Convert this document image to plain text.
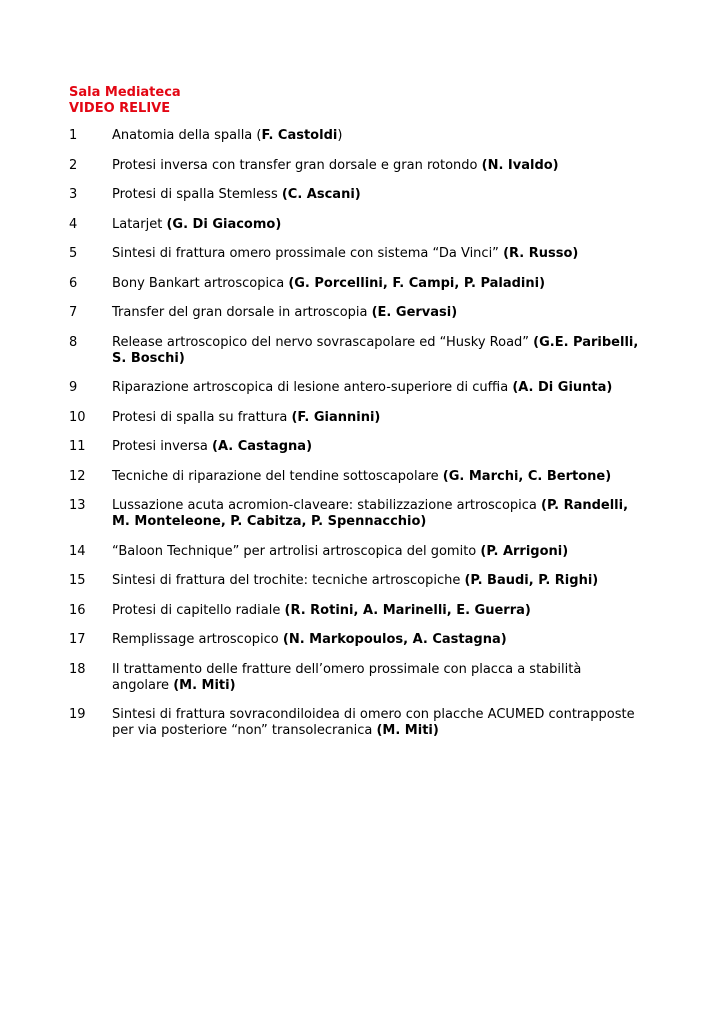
Sala Mediateca
VIDEO RELIVE
1	Anatomia della spalla (F. Castoldi)
2	Protesi inversa con transfer gran dorsale e gran rotondo (N. Ivaldo)
3	Protesi di spalla Stemless (C. Ascani)
4	Latarjet (G. Di Giacomo)
5	Sintesi di frattura omero prossimale con sistema “Da Vinci” (R. Russo)
6	Bony Bankart artroscopica (G. Porcellini, F. Campi, P. Paladini)
7	Transfer del gran dorsale in artroscopia (E. Gervasi)
8	Release artroscopico del nervo sovrascapolare ed “Husky Road” (G.E. Paribelli, S. Boschi)
9	Riparazione artroscopica di lesione antero-superiore di cuffia (A. Di Giunta)
10	Protesi di spalla su frattura (F. Giannini)
11	Protesi inversa (A. Castagna)
12	Tecniche di riparazione del tendine sottoscapolare (G. Marchi, C. Bertone)
13	Lussazione acuta acromion-claveare: stabilizzazione artroscopica (P. Randelli, M. Monteleone, P. Cabitza, P. Spennacchio)
14	“Baloon Technique” per artrolisi artroscopica del gomito (P. Arrigoni)
15	Sintesi di frattura del trochite: tecniche artroscopiche (P. Baudi, P. Righi)
16	Protesi di capitello radiale (R. Rotini, A. Marinelli, E. Guerra)
17	Remplissage artroscopico (N. Markopoulos, A. Castagna)
18	Il trattamento delle fratture dell’omero prossimale con placca a stabilità angolare (M. Miti)
19	Sintesi di frattura sovracondiloidea di omero con placche ACUMED contrapposte per via posteriore “non” transolecranica (M. Miti)
